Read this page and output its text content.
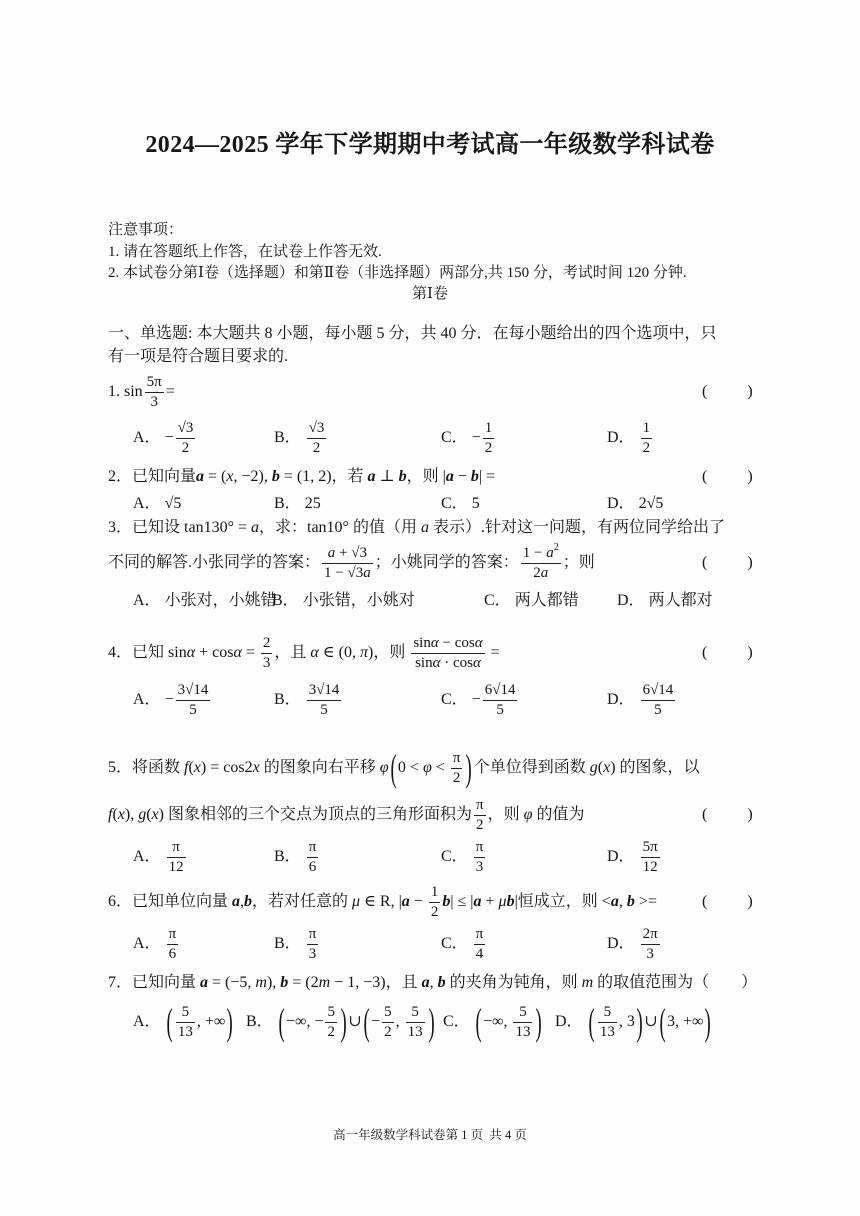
2024—2025 学年下学期期中考试高一年级数学科试卷
注意事项：
1. 请在答题纸上作答，在试卷上作答无效.
2. 本试卷分第Ⅰ卷（选择题）和第Ⅱ卷（非选择题）两部分,共 150 分，考试时间 120 分钟.
第Ⅰ卷
一、单选题: 本大题共 8 小题，每小题 5 分，共 40 分．在每小题给出的四个选项中，只
有一项是符合题目要求的.
1. $\sin \frac{5\pi}{3}$ =	(	)
A． − $\frac{√3}{2}$	B． $\frac{√3}{2}$	C． − $\frac{1}{2}$	D． $\frac{1}{2}$
2．已知向量a = (x, −2), b = (1, 2)，若 a ⊥ b，则 |a − b| =	(	)
A． √5	B． 25	C． 5	D． 2√5
3．已知设 tan130° = a，求：tan10° 的值（用 a 表示）.针对这一问题，有两位同学给出了
不同的解答.小张同学的答案： $\frac{a + √3}{1 - √3a}$ ；小姚同学的答案： $\frac{1 - a^2}{2a}$ ；则	(	)
A． 小张对，小姚错
B． 小张错，小姚对	C． 两人都错 D． 两人都对
4．已知 $\sin\alpha + \cos\alpha = \frac{2}{3}$ ，且 α ∈ (0, π)，则 $\frac{\sin\alpha - \cos\alpha}{\sin\alpha \cdot \cos\alpha}$ =	(	)
A． − $\frac{3√14}{5}$	B． $\frac{3√14}{5}$	C． − $\frac{6√14}{5}$	D． $\frac{6√14}{5}$
5．将函数 f(x) = cos2x 的图象向右平移 $\varphi(0 < \varphi < \frac{\pi}{2}$ )个单位得到函数 g(x) 的图象，以
f(x), g(x) 图象相邻的三个交点为顶点的三角形面积为 $\frac{\pi}{2}$ ，则 φ 的值为	(	)
A． $\frac{\pi}{12}$	B． $\frac{\pi}{6}$	C． $\frac{\pi}{3}$	D． $\frac{5\pi}{12}$
6．已知单位向量 a,b，若对任意的 μ ∈ R, $|a - \frac{1}{2} b| \le |a + \mu b|$恒成立，则 <a, b >=	(	)
A． $\frac{\pi}{6}$	B． $\frac{\pi}{3}$	C． $\frac{\pi}{4}$	D． $\frac{2\pi}{3}$
7．已知向量 a = (−5, m), b = (2m − 1, −3)，且 a, b 的夹角为钝角，则 m 的取值范围为（　　）
A． ( $\frac{5}{13}$ , +∞) B． (−∞, − $\frac{5}{2}$ )∪(− $\frac{5}{2}$ , $\frac{5}{13}$ ) C． (−∞, $\frac{5}{13}$ ) D． ( $\frac{5}{13}$ , 3)∪(3, +∞)
高一年级数学科试卷第 1 页  共 4 页
